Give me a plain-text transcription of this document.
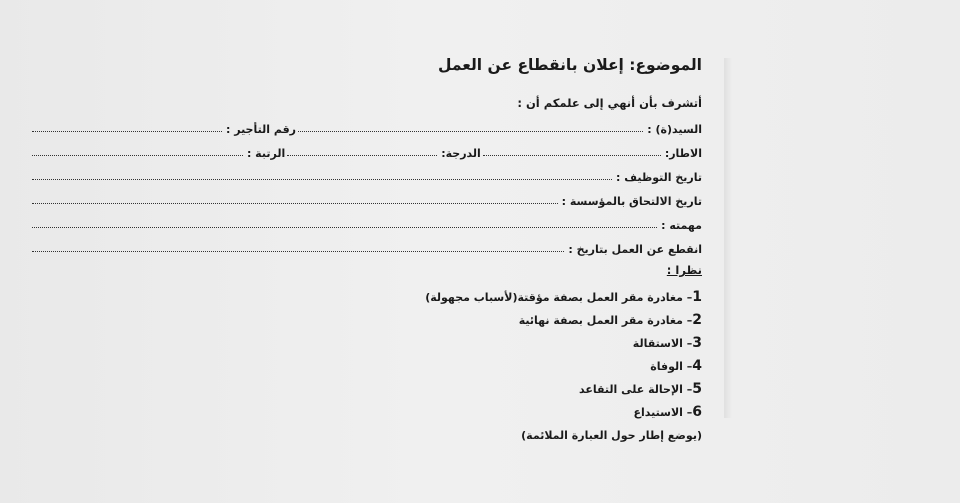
الموضوع: إعلان بانقطاع عن العمل
أتشرف بأن أنهي إلى علمكم أن :
السيد(ة) :
رقم التأجير :
الاطار:
الدرجة:
الرتبة :
تاريخ التوظيف :
تاريخ الالتحاق بالمؤسسة :
مهمته :
انقطع عن العمل بتاريخ :
نظرا :
1– مغادرة مقر العمل بصفة مؤقتة(لأسباب مجهولة)
2– مغادرة مقر العمل بصفة نهائية
3– الاستقالة
4– الوفاة
5– الإحالة على التقاعد
6– الاستيداع
(يوضع إطار حول العبارة الملائمة)
